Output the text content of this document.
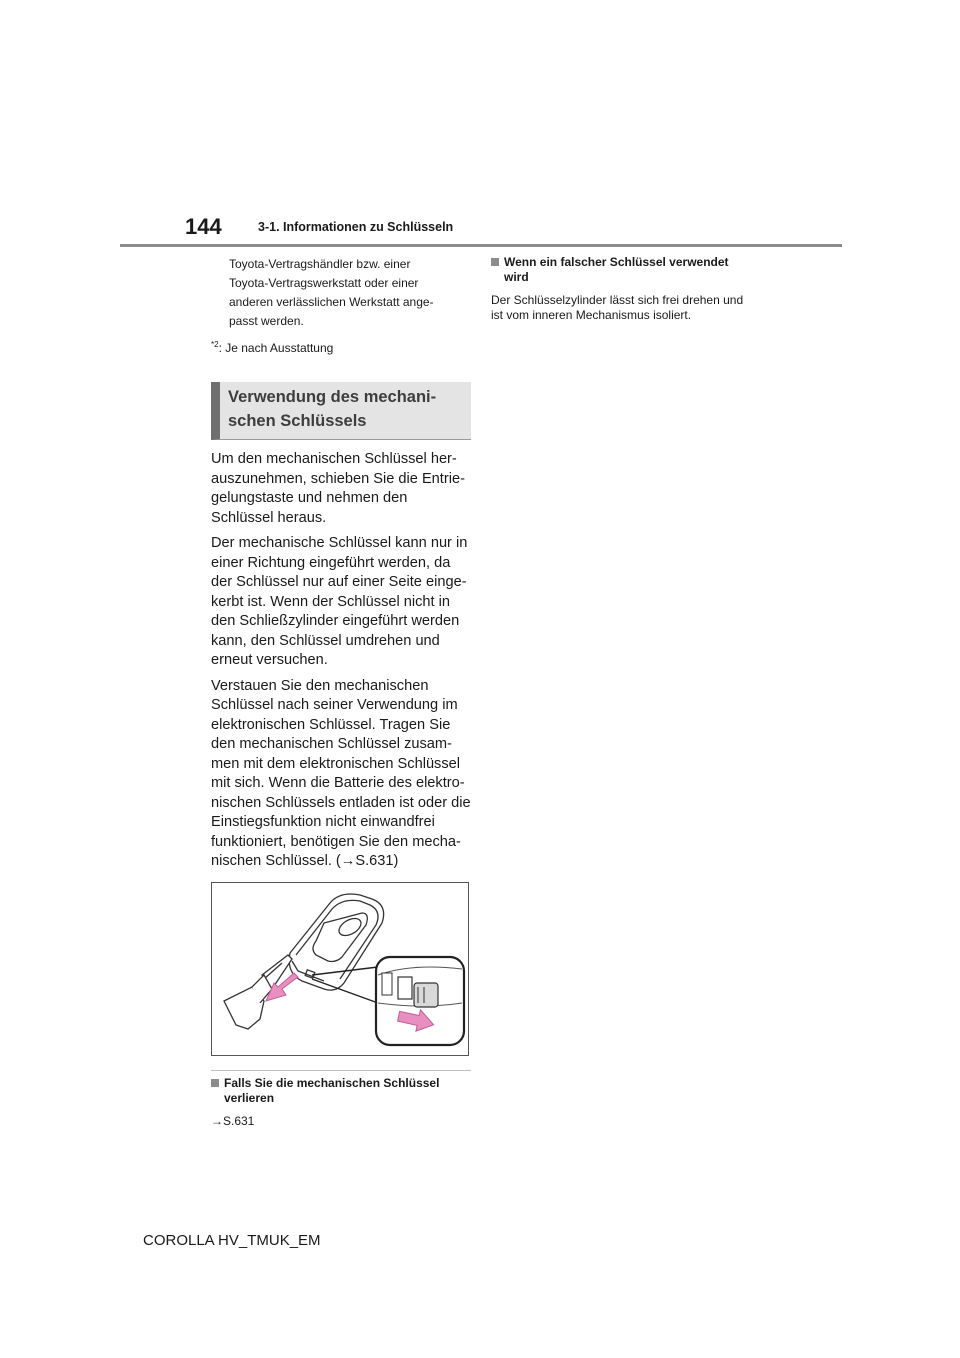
144	3-1. Informationen zu Schlüsseln

Toyota-Vertragshändler bzw. einer

Toyota-Vertragswerkstatt oder einer

anderen verlässlichen Werkstatt ange-

passt werden.

$^{*2}$: Je nach Ausstattung
Verwendung des mechani-schen Schlüssels

Um den mechanischen Schlüssel her-auszunehmen, schieben Sie die Entrie-gelungstaste und nehmen den Schlüssel heraus.

Der mechanische Schlüssel kann nur in einer Richtung eingeführt werden, da der Schlüssel nur auf einer Seite einge-kerbt ist. Wenn der Schlüssel nicht in den Schließzylinder eingeführt werden kann, den Schlüssel umdrehen und erneut versuchen.

Verstauen Sie den mechanischen Schlüssel nach seiner Verwendung im elektronischen Schlüssel. Tragen Sie den mechanischen Schlüssel zusam-men mit dem elektronischen Schlüssel mit sich. Wenn die Batterie des elektro-nischen Schlüssels entladen ist oder die Einstiegsfunktion nicht einwandfrei funktioniert, benötigen Sie den mecha-nischen Schlüssel. (→S.631)

Falls Sie die mechanischen Schlüssel verlieren
→S.631
Wenn ein falscher Schlüssel verwendet wird
Der Schlüsselzylinder lässt sich frei drehen und ist vom inneren Mechanismus isoliert.
COROLLA HV_TMUK_EM
